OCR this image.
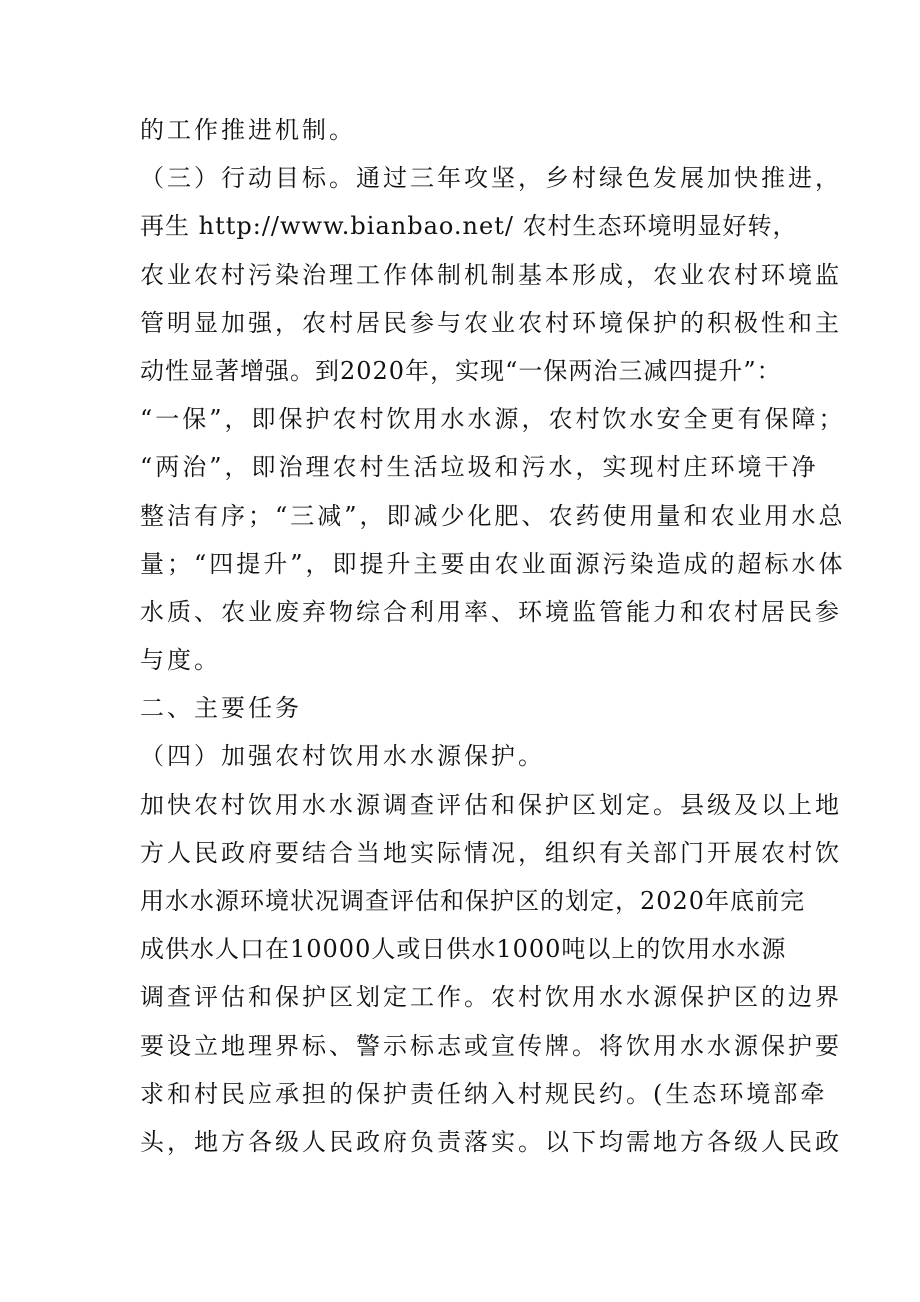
的工作推进机制。
（三）行动目标。通过三年攻坚，乡村绿色发展加快推进，
再生 http://www.bianbao.net/ 农村生态环境明显好转，
农业农村污染治理工作体制机制基本形成，农业农村环境监
管明显加强，农村居民参与农业农村环境保护的积极性和主
动性显著增强。到2020年，实现“一保两治三减四提升”：
“一保”，即保护农村饮用水水源，农村饮水安全更有保障；
“两治”，即治理农村生活垃圾和污水，实现村庄环境干净
整洁有序；“三减”，即减少化肥、农药使用量和农业用水总
量；“四提升”，即提升主要由农业面源污染造成的超标水体
水质、农业废弃物综合利用率、环境监管能力和农村居民参
与度。
二、主要任务
（四）加强农村饮用水水源保护。
加快农村饮用水水源调查评估和保护区划定。县级及以上地
方人民政府要结合当地实际情况，组织有关部门开展农村饮
用水水源环境状况调查评估和保护区的划定，2020年底前完
成供水人口在10000人或日供水1000吨以上的饮用水水源
调查评估和保护区划定工作。农村饮用水水源保护区的边界
要设立地理界标、警示标志或宣传牌。将饮用水水源保护要
求和村民应承担的保护责任纳入村规民约。(生态环境部牵
头，地方各级人民政府负责落实。以下均需地方各级人民政
